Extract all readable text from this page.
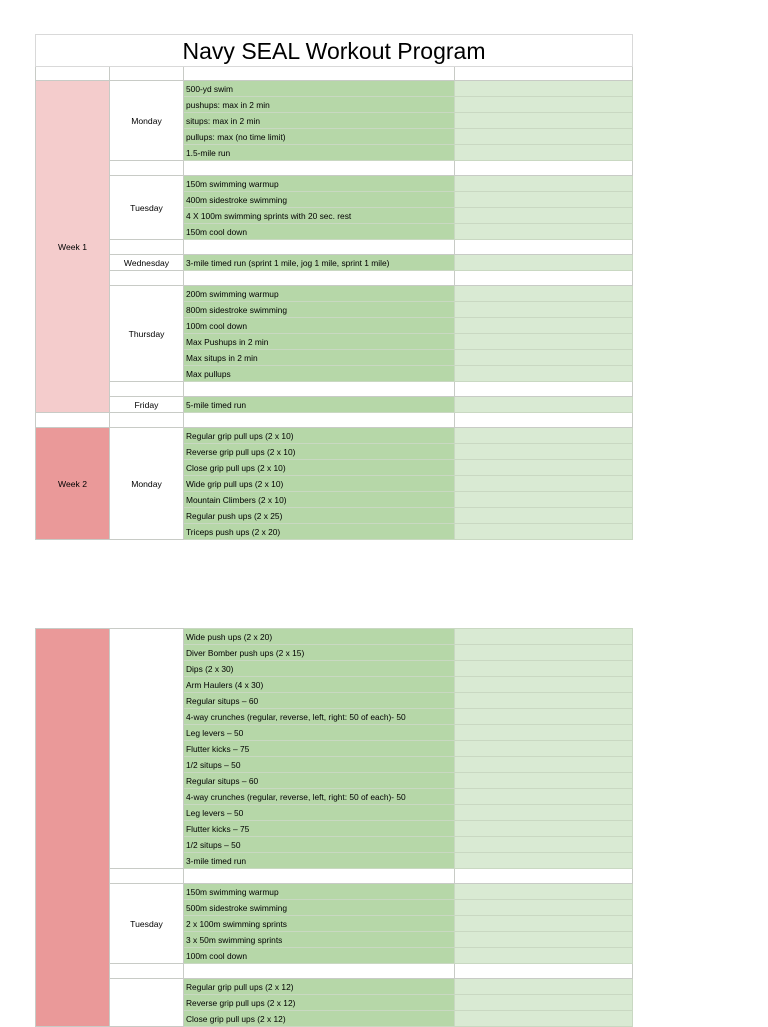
Navy SEAL Workout Program			

Week 1	Monday	500-yd swim	
		pushups: max in 2 min	
		situps: max in 2 min	
		pullups: max (no time limit)	
		1.5-mile run	

	Tuesday	150m swimming warmup	
		400m sidestroke swimming	
		4 X 100m swimming sprints with 20 sec. rest	
		150m cool down	

	Wednesday	3-mile timed run (sprint 1 mile, jog 1 mile, sprint 1 mile)	

	Thursday	200m swimming warmup	
		800m sidestroke swimming	
		100m cool down	
		Max Pushups in 2 min	
		Max situps in 2 min	
		Max pullups	

	Friday	5-mile timed run	

Week 2	Monday	Regular grip pull ups (2 x 10)	
		Reverse grip pull ups (2 x 10)	
		Close grip pull ups (2 x 10)	
		Wide grip pull ups (2 x 10)	
		Mountain Climbers (2 x 10)	
		Regular push ups (2 x 25)	
		Triceps push ups (2 x 20)	
		Wide push ups (2 x 20)	
		Diver Bomber push ups (2 x 15)	
		Dips (2 x 30)	
		Arm Haulers (4 x 30)	
		Regular situps – 60	
		4-way crunches (regular, reverse, left, right: 50 of each)- 50	
		Leg levers – 50	
		Flutter kicks – 75	
		1/2 situps – 50	
		Regular situps – 60	
		4-way crunches (regular, reverse, left, right: 50 of each)- 50	
		Leg levers – 50	
		Flutter kicks – 75	
		1/2 situps – 50	
		3-mile timed run	

	Tuesday	150m swimming warmup	
		500m sidestroke swimming	
		2 x 100m swimming sprints	
		3 x 50m swimming sprints	
		100m cool down	

		Regular grip pull ups (2 x 12)	
		Reverse grip pull ups (2 x 12)	
		Close grip pull ups (2 x 12)	
